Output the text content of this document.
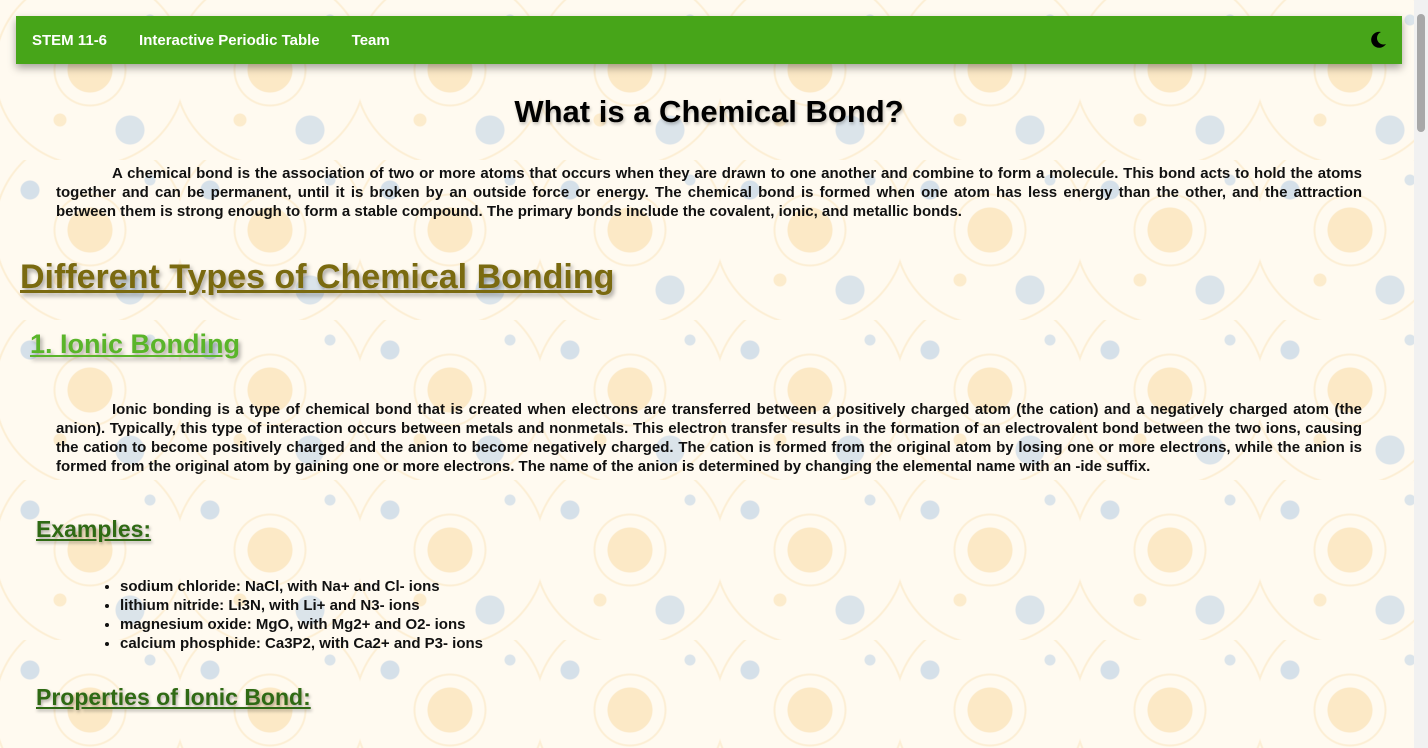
STEM 11-6 Interactive Periodic Table Team
What is a Chemical Bond?

A chemical bond is the association of two or more atoms that occurs when they are drawn to one another and combine to form a molecule. This bond acts to hold the atoms together and can be permanent, until it is broken by an outside force or energy. The chemical bond is formed when one atom has less energy than the other, and the attraction between them is strong enough to form a stable compound. The primary bonds include the covalent, ionic, and metallic bonds.

Different Types of Chemical Bonding
1. Ionic Bonding

Ionic bonding is a type of chemical bond that is created when electrons are transferred between a positively charged atom (the cation) and a negatively charged atom (the anion). Typically, this type of interaction occurs between metals and nonmetals. This electron transfer results in the formation of an electrovalent bond between the two ions, causing the cation to become positively charged and the anion to become negatively charged. The cation is formed from the original atom by losing one or more electrons, while the anion is formed from the original atom by gaining one or more electrons. The name of the anion is determined by changing the elemental name with an -ide suffix.

Examples:
• sodium chloride: NaCl, with Na+ and Cl- ions
• lithium nitride: Li3N, with Li+ and N3- ions
• magnesium oxide: MgO, with Mg2+ and O2- ions
• calcium phosphide: Ca3P2, with Ca2+ and P3- ions
Properties of Ionic Bond:
